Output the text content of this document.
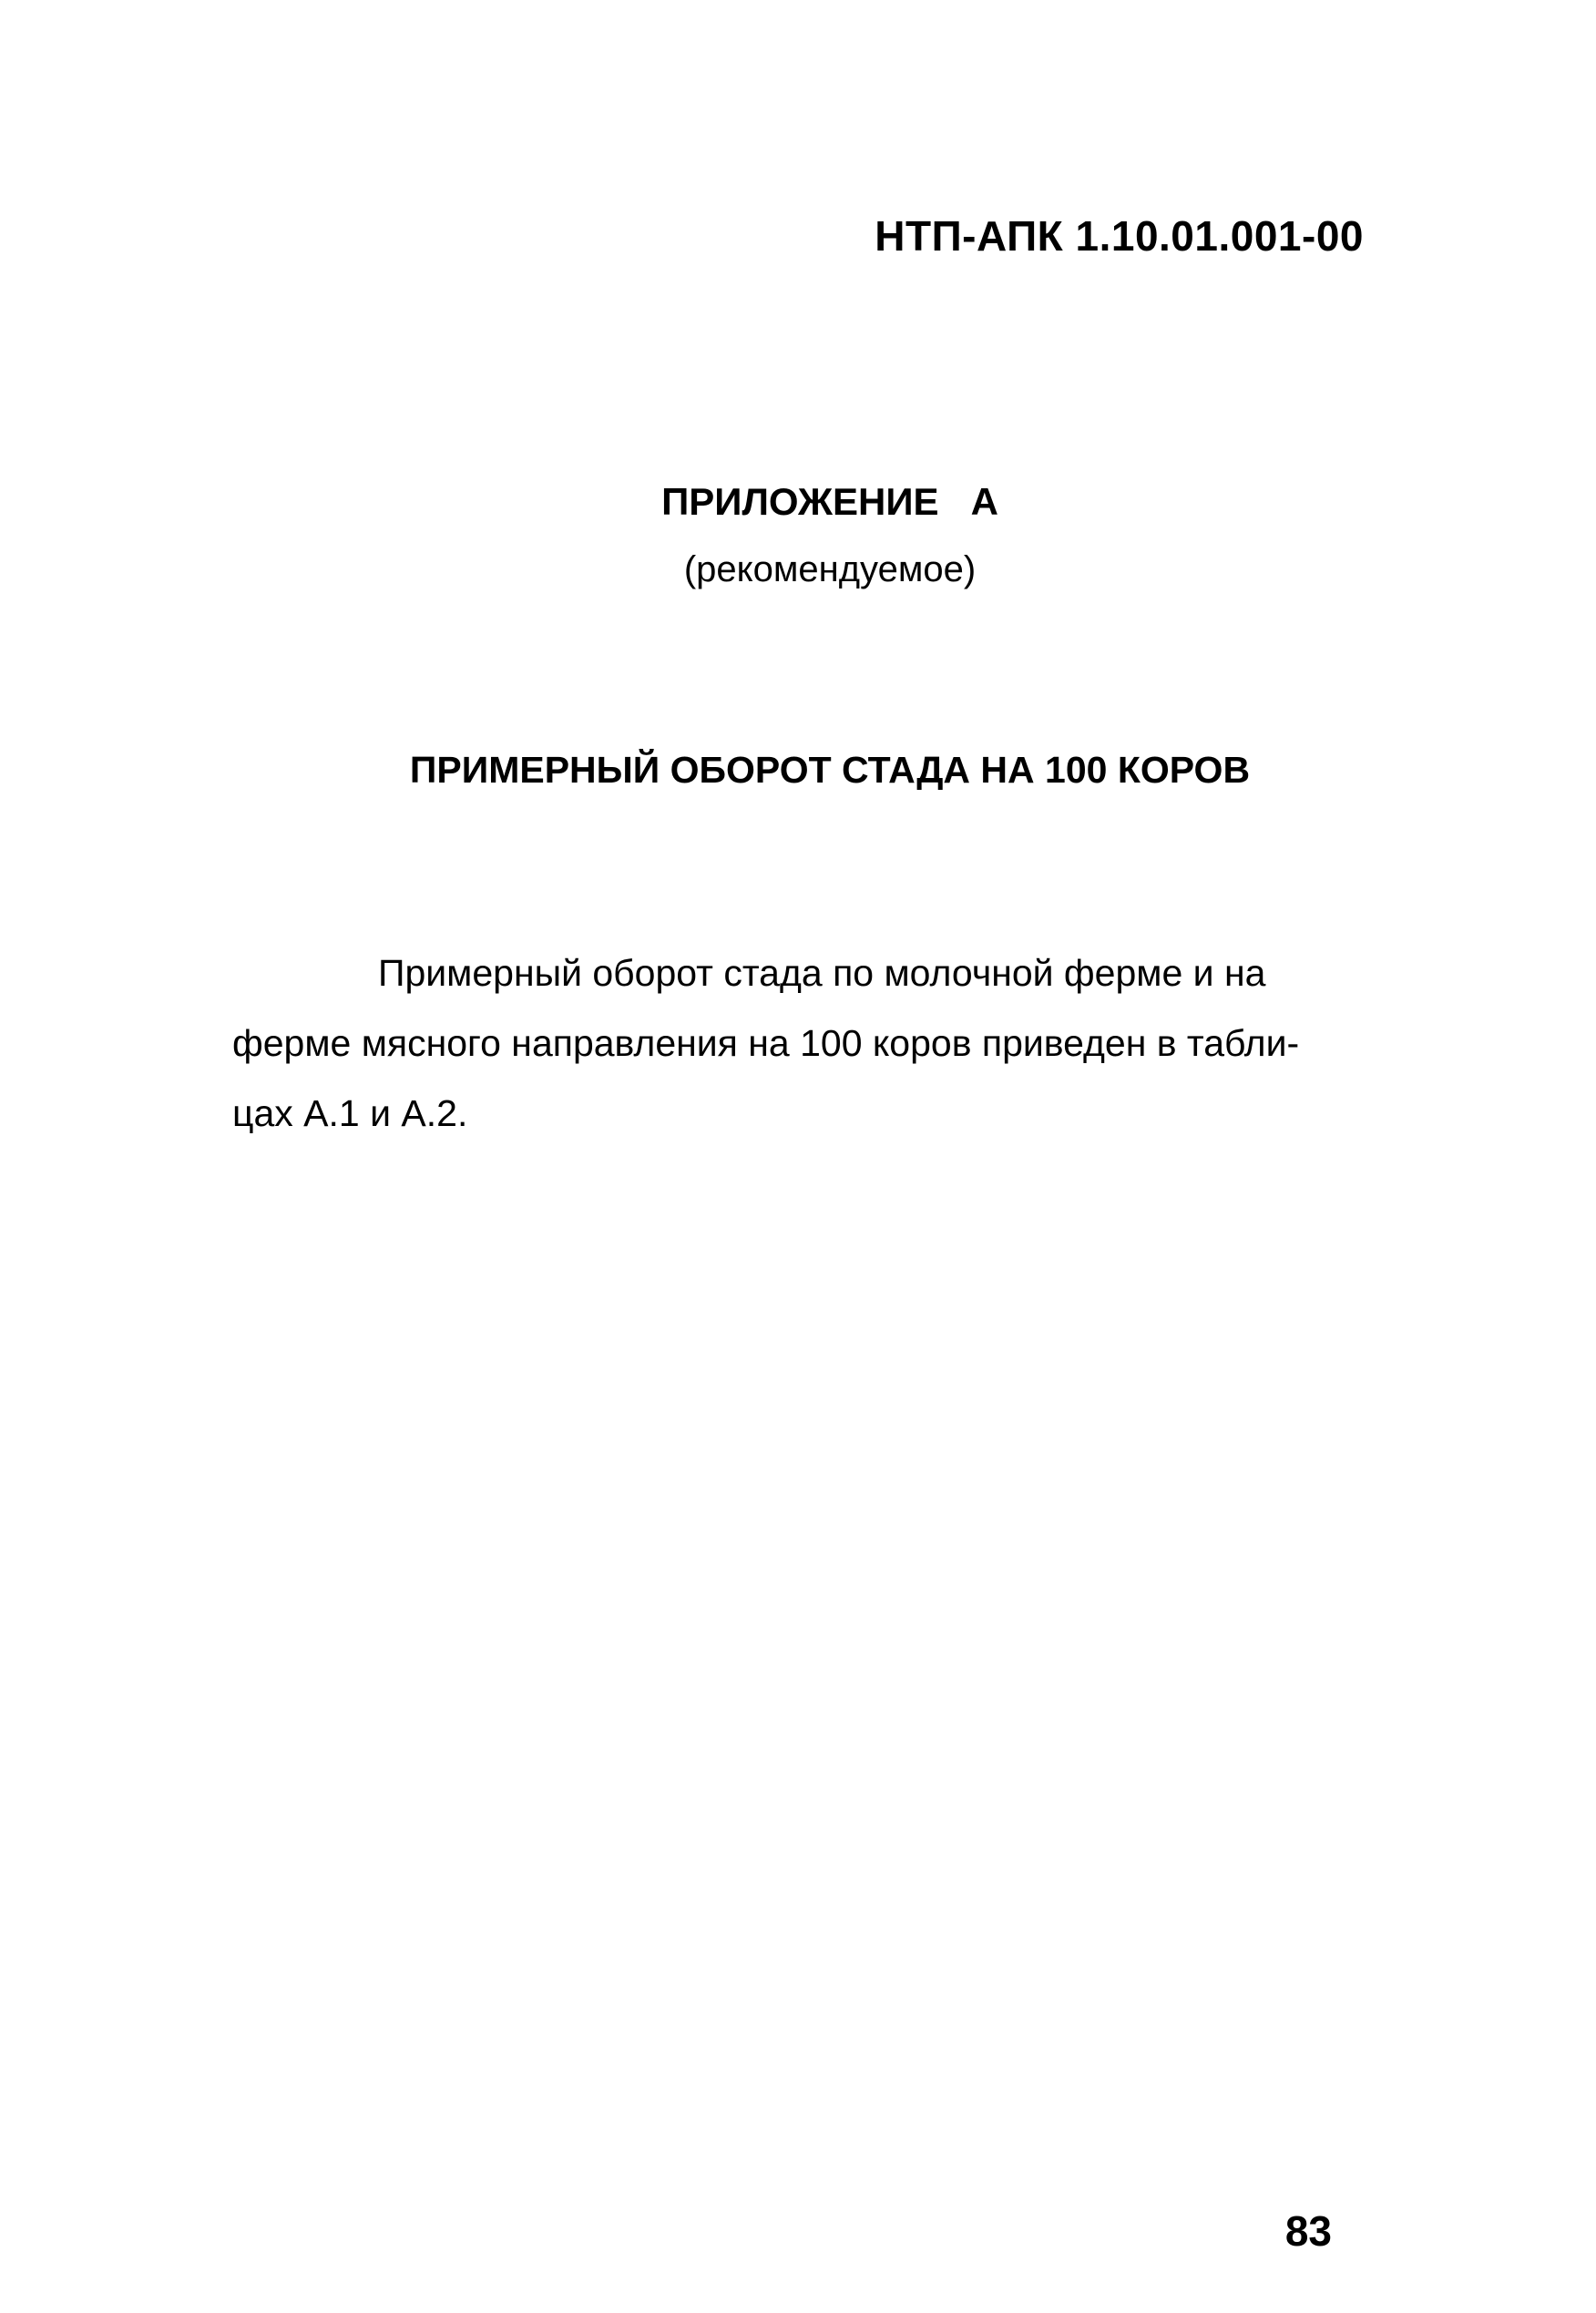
НТП-АПК 1.10.01.001-00
ПРИЛОЖЕНИЕ   А
(рекомендуемое)
ПРИМЕРНЫЙ ОБОРОТ СТАДА НА 100 КОРОВ
Примерный оборот стада по молочной ферме и на
ферме мясного направления на 100 коров приведен в табли-
цах А.1 и А.2.
83
